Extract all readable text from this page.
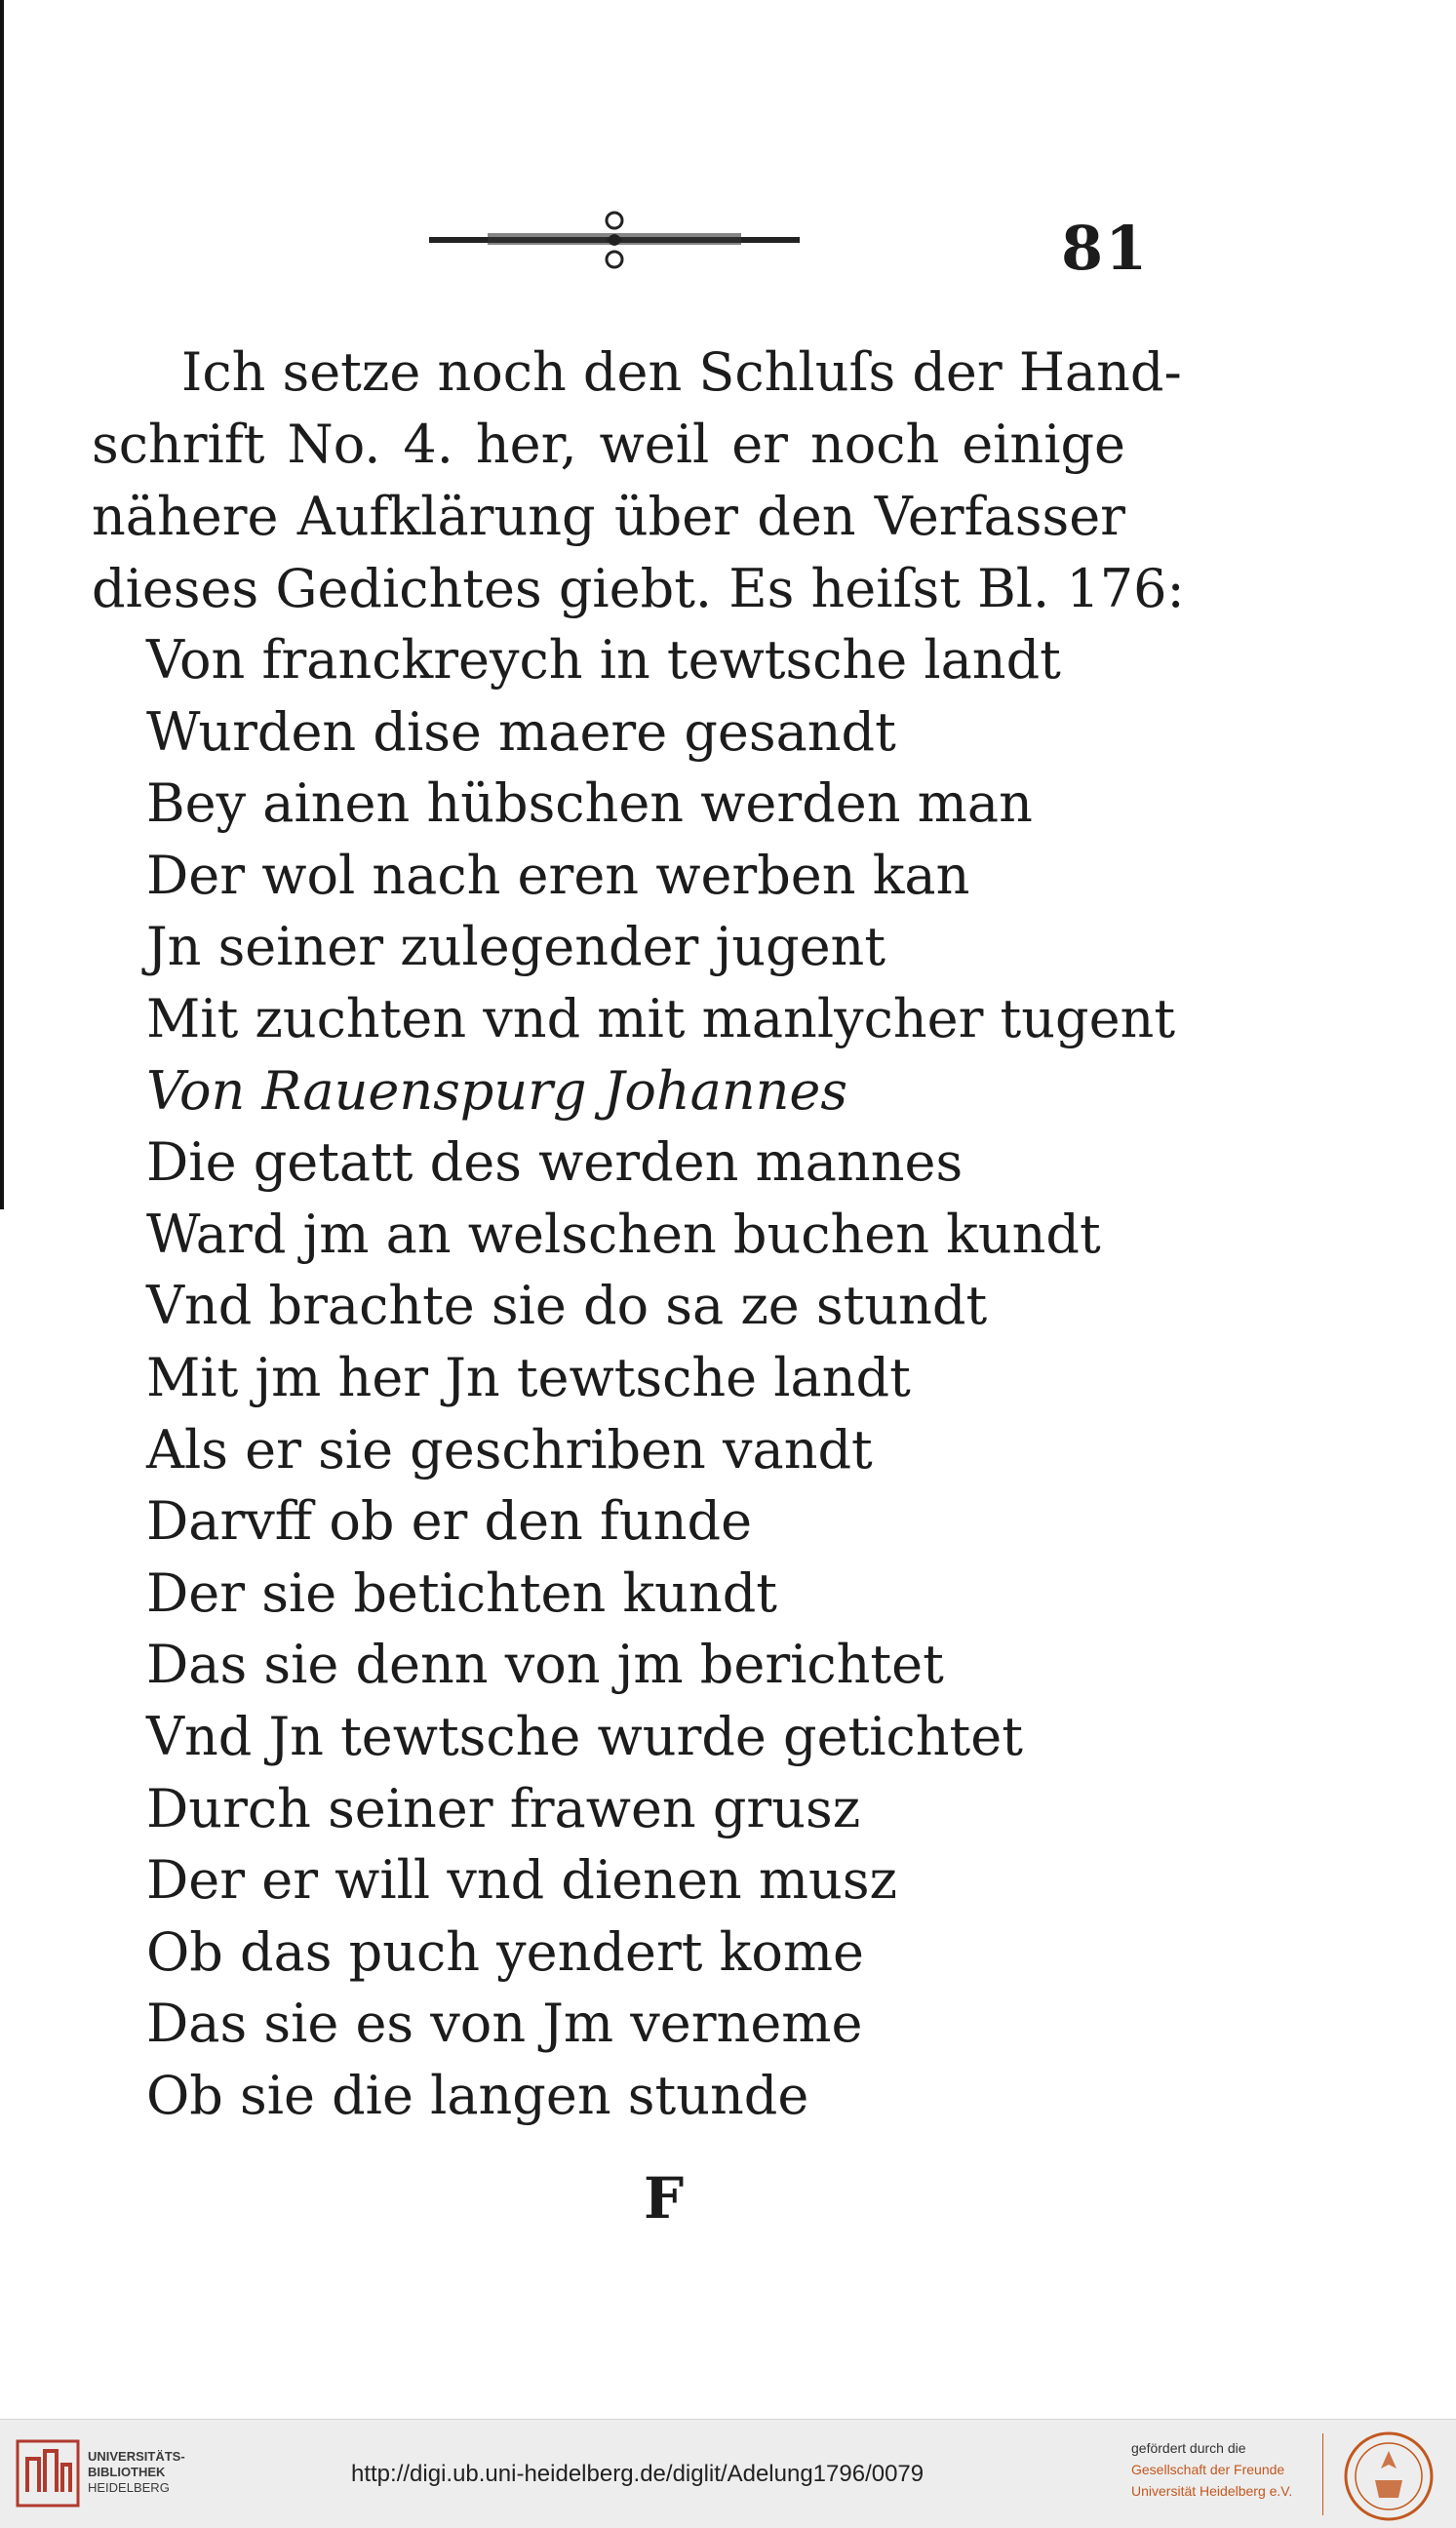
81
Ich setze noch den Schluſs der Hand-
schrift No. 4. her, weil er noch einige
nähere Aufklärung über den Verfasser
dieses Gedichtes giebt. Es heiſst Bl. 176:
Von franckreych in tewtsche landt
Wurden dise maere gesandt
Bey ainen hübschen werden man
Der wol nach eren werben kan
Jn seiner zulegender jugent
Mit zuchten vnd mit manlycher tugent
Von Rauenspurg Johannes
Die getatt des werden mannes
Ward jm an welschen buchen kundt
Vnd brachte sie do sa ze stundt
Mit jm her Jn tewtsche landt
Als er sie geschriben vandt
Darvff ob er den funde
Der sie betichten kundt
Das sie denn von jm berichtet
Vnd Jn tewtsche wurde getichtet
Durch seiner frawen grusz
Der er will vnd dienen musz
Ob das puch yendert kome
Das sie es von Jm verneme
Ob sie die langen stunde
F
UNIVERSITÄTS-
BIBLIOTHEK
HEIDELBERG
http://digi.ub.uni-heidelberg.de/diglit/Adelung1796/0079
gefördert durch die
Gesellschaft der Freunde
Universität Heidelberg e.V.
